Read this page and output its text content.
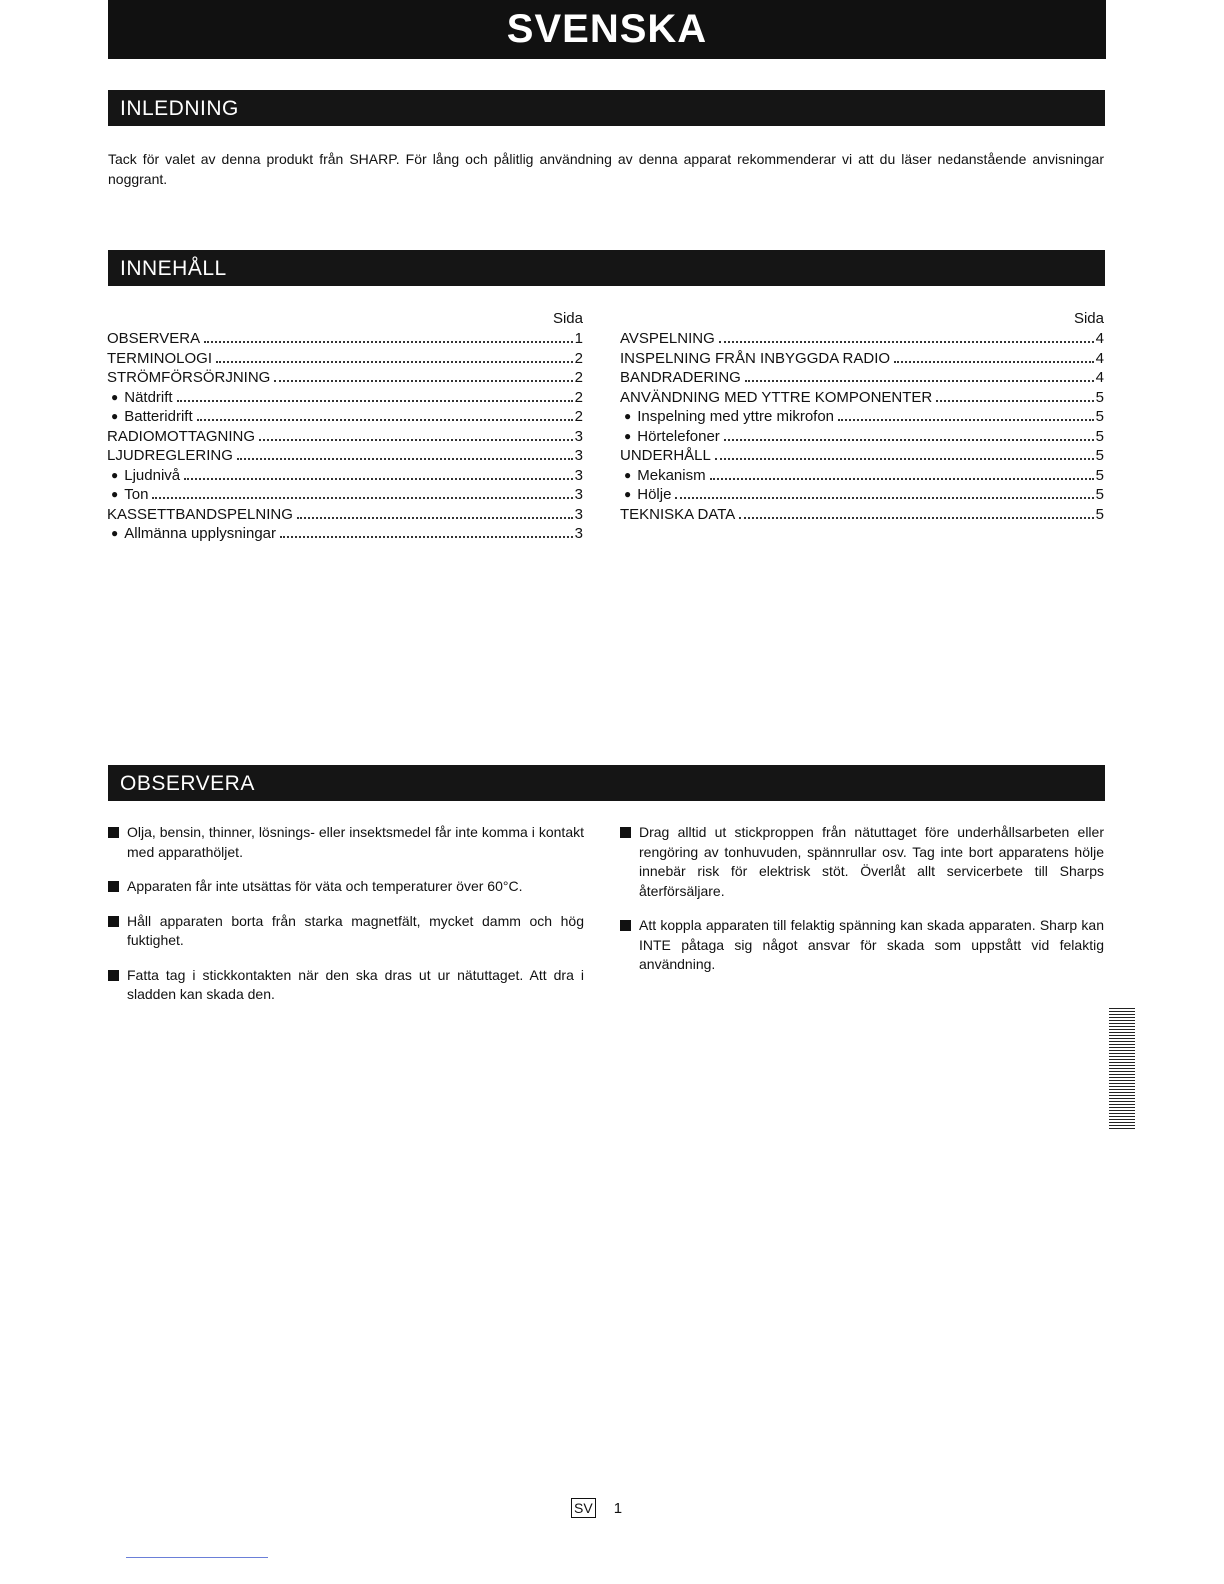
SVENSKA
INLEDNING
Tack för valet av denna produkt från SHARP. För lång och pålitlig användning av denna apparat rekommenderar vi att du läser nedanstående anvisningar noggrant.
INNEHÅLL
Sida
OBSERVERA	1
TERMINOLOGI	2
STRÖMFÖRSÖRJNING	2
● Nätdrift	2
● Batteridrift	2
RADIOMOTTAGNING	3
LJUDREGLERING	3
● Ljudnivå	3
● Ton	3
KASSETTBANDSPELNING	3
● Allmänna upplysningar	3
Sida
AVSPELNING	4
INSPELNING FRÅN INBYGGDA RADIO	4
BANDRADERING	4
ANVÄNDNING MED YTTRE KOMPONENTER	5
● Inspelning med yttre mikrofon	5
● Hörtelefoner	5
UNDERHÅLL	5
● Mekanism	5
● Hölje	5
TEKNISKA DATA	5
OBSERVERA
Olja, bensin, thinner, lösnings- eller insektsmedel får inte komma i kontakt med apparathöljet.
Apparaten får inte utsättas för väta och temperaturer över 60°C.
Håll apparaten borta från starka magnetfält, mycket damm och hög fuktighet.
Fatta tag i stickkontakten när den ska dras ut ur nätuttaget. Att dra i sladden kan skada den.
Drag alltid ut stickproppen från nätuttaget före underhållsarbeten eller rengöring av tonhuvuden, spännrullar osv. Tag inte bort apparatens hölje innebär risk för elektrisk stöt. Överlåt allt servicerbete till Sharps återförsäljare.
Att koppla apparaten till felaktig spänning kan skada apparaten. Sharp kan INTE påtaga sig något ansvar för skada som uppstått vid felaktig användning.
SV 1
